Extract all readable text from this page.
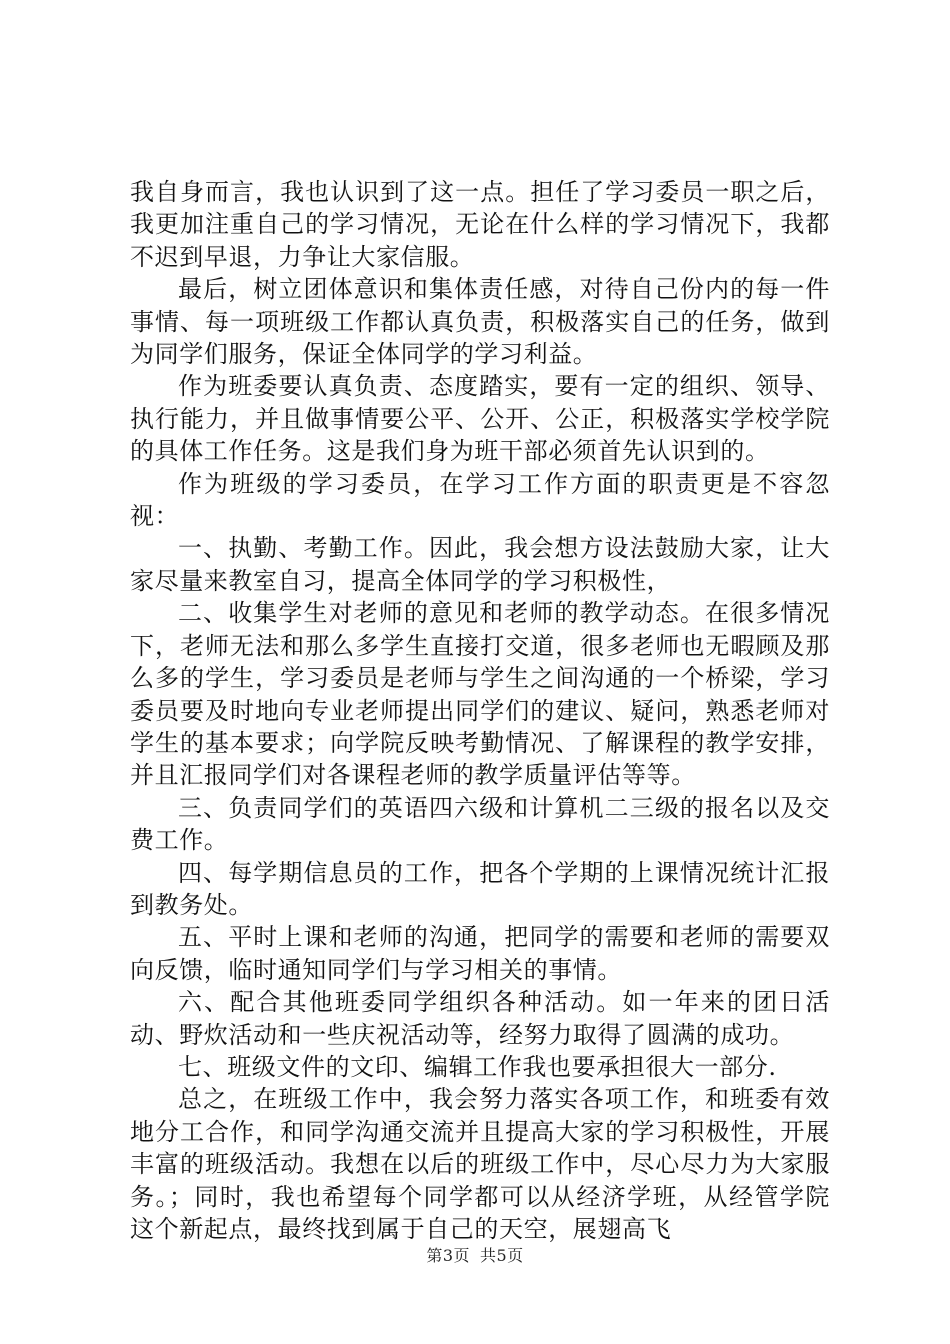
我自身而言，我也认识到了这一点。担任了学习委员一职之后，我更加注重自己的学习情况，无论在什么样的学习情况下，我都不迟到早退，力争让大家信服。

最后，树立团体意识和集体责任感，对待自己份内的每一件事情、每一项班级工作都认真负责，积极落实自己的任务，做到为同学们服务，保证全体同学的学习利益。

作为班委要认真负责、态度踏实，要有一定的组织、领导、执行能力，并且做事情要公平、公开、公正，积极落实学校学院的具体工作任务。这是我们身为班干部必须首先认识到的。

作为班级的学习委员，在学习工作方面的职责更是不容忽视：

一、执勤、考勤工作。因此，我会想方设法鼓励大家，让大家尽量来教室自习，提高全体同学的学习积极性，

二、收集学生对老师的意见和老师的教学动态。在很多情况下，老师无法和那么多学生直接打交道，很多老师也无暇顾及那么多的学生，学习委员是老师与学生之间沟通的一个桥梁，学习委员要及时地向专业老师提出同学们的建议、疑问，熟悉老师对学生的基本要求；向学院反映考勤情况、了解课程的教学安排，并且汇报同学们对各课程老师的教学质量评估等等。

三、负责同学们的英语四六级和计算机二三级的报名以及交费工作。

四、每学期信息员的工作，把各个学期的上课情况统计汇报到教务处。

五、平时上课和老师的沟通，把同学的需要和老师的需要双向反馈，临时通知同学们与学习相关的事情。

六、配合其他班委同学组织各种活动。如一年来的团日活动、野炊活动和一些庆祝活动等，经努力取得了圆满的成功。

七、班级文件的文印、编辑工作我也要承担很大一部分.

总之，在班级工作中，我会努力落实各项工作，和班委有效地分工合作，和同学沟通交流并且提高大家的学习积极性，开展丰富的班级活动。我想在以后的班级工作中，尽心尽力为大家服务。；同时，我也希望每个同学都可以从经济学班，从经管学院这个新起点，最终找到属于自己的天空，展翅高飞

第3页 共5页
